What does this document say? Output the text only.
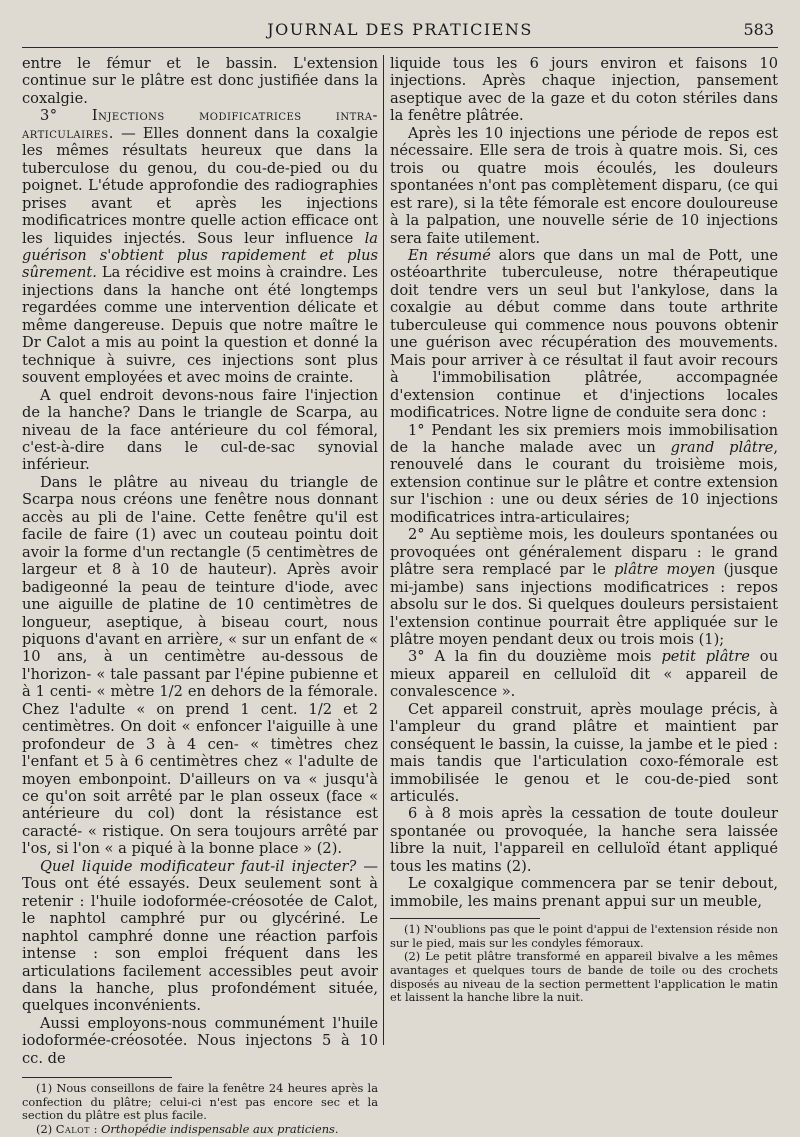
JOURNAL DES PRATICIENS	583

entre le fémur et le bassin. L'extension continue sur le plâtre est donc justifiée dans la coxalgie.

3° Injections modificatrices intra-articulaires. — Elles donnent dans la coxalgie les mêmes résultats heureux que dans la tuberculose du genou, du cou-de-pied ou du poignet. L'étude approfondie des radiographies prises avant et après les injections modificatrices montre quelle action efficace ont les liquides injectés. Sous leur influence la guérison s'obtient plus rapidement et plus sûrement. La récidive est moins à craindre. Les injections dans la hanche ont été longtemps regardées comme une intervention délicate et même dangereuse. Depuis que notre maître le Dr Calot a mis au point la question et donné la technique à suivre, ces injections sont plus souvent employées et avec moins de crainte.

A quel endroit devons-nous faire l'injection de la hanche? Dans le triangle de Scarpa, au niveau de la face antérieure du col fémoral, c'est-à-dire dans le cul-de-sac synovial inférieur.

Dans le plâtre au niveau du triangle de Scarpa nous créons une fenêtre nous donnant accès au pli de l'aine. Cette fenêtre qu'il est facile de faire (1) avec un couteau pointu doit avoir la forme d'un rectangle (5 centimètres de largeur et 8 à 10 de hauteur). Après avoir badigeonné la peau de teinture d'iode, avec une aiguille de platine de 10 centimètres de longueur, aseptique, à biseau court, nous piquons d'avant en arrière, « sur un enfant de « 10 ans, à un centimètre au-dessous de l'horizon- « tale passant par l'épine pubienne et à 1 centi- « mètre 1/2 en dehors de la fémorale. Chez l'adulte « on prend 1 cent. 1/2 et 2 centimètres. On doit « enfoncer l'aiguille à une profondeur de 3 à 4 cen- « timètres chez l'enfant et 5 à 6 centimètres chez « l'adulte de moyen embonpoint. D'ailleurs on va « jusqu'à ce qu'on soit arrêté par le plan osseux (face « antérieure du col) dont la résistance est caracté- « ristique. On sera toujours arrêté par l'os, si l'on « a piqué à la bonne place » (2).

Quel liquide modificateur faut-il injecter? — Tous ont été essayés. Deux seulement sont à retenir : l'huile iodoformée-créosotée de Calot, le naphtol camphré pur ou glycériné. Le naphtol camphré donne une réaction parfois intense : son emploi fréquent dans les articulations facilement accessibles peut avoir dans la hanche, plus profondément située, quelques inconvénients.

Aussi employons-nous communément l'huile iodoformée-créosotée. Nous injectons 5 à 10 cc. de

(1) Nous conseillons de faire la fenêtre 24 heures après la confection du plâtre; celui-ci n'est pas encore sec et la section du plâtre est plus facile.

(2) Calot : Orthopédie indispensable aux praticiens.

liquide tous les 6 jours environ et faisons 10 injections. Après chaque injection, pansement aseptique avec de la gaze et du coton stériles dans la fenêtre plâtrée.

Après les 10 injections une période de repos est nécessaire. Elle sera de trois à quatre mois. Si, ces trois ou quatre mois écoulés, les douleurs spontanées n'ont pas complètement disparu, (ce qui est rare), si la tête fémorale est encore douloureuse à la palpation, une nouvelle série de 10 injections sera faite utilement.

En résumé alors que dans un mal de Pott, une ostéoarthrite tuberculeuse, notre thérapeutique doit tendre vers un seul but l'ankylose, dans la coxalgie au début comme dans toute arthrite tuberculeuse qui commence nous pouvons obtenir une guérison avec récupération des mouvements. Mais pour arriver à ce résultat il faut avoir recours à l'immobilisation plâtrée, accompagnée d'extension continue et d'injections locales modificatrices. Notre ligne de conduite sera donc :

1° Pendant les six premiers mois immobilisation de la hanche malade avec un grand plâtre, renouvelé dans le courant du troisième mois, extension continue sur le plâtre et contre extension sur l'ischion : une ou deux séries de 10 injections modificatrices intra-articulaires;

2° Au septième mois, les douleurs spontanées ou provoquées ont généralement disparu : le grand plâtre sera remplacé par le plâtre moyen (jusque mi-jambe) sans injections modificatrices : repos absolu sur le dos. Si quelques douleurs persistaient l'extension continue pourrait être appliquée sur le plâtre moyen pendant deux ou trois mois (1);

3° A la fin du douzième mois petit plâtre ou mieux appareil en celluloïd dit « appareil de convalescence ».

Cet appareil construit, après moulage précis, à l'ampleur du grand plâtre et maintient par conséquent le bassin, la cuisse, la jambe et le pied : mais tandis que l'articulation coxo-fémorale est immobilisée le genou et le cou-de-pied sont articulés.

6 à 8 mois après la cessation de toute douleur spontanée ou provoquée, la hanche sera laissée libre la nuit, l'appareil en celluloïd étant appliqué tous les matins (2).

Le coxalgique commencera par se tenir debout, immobile, les mains prenant appui sur un meuble,

(1) N'oublions pas que le point d'appui de l'extension réside non sur le pied, mais sur les condyles fémoraux.

(2) Le petit plâtre transformé en appareil bivalve a les mêmes avantages et quelques tours de bande de toile ou des crochets disposés au niveau de la section permettent l'application le matin et laissent la hanche libre la nuit.
